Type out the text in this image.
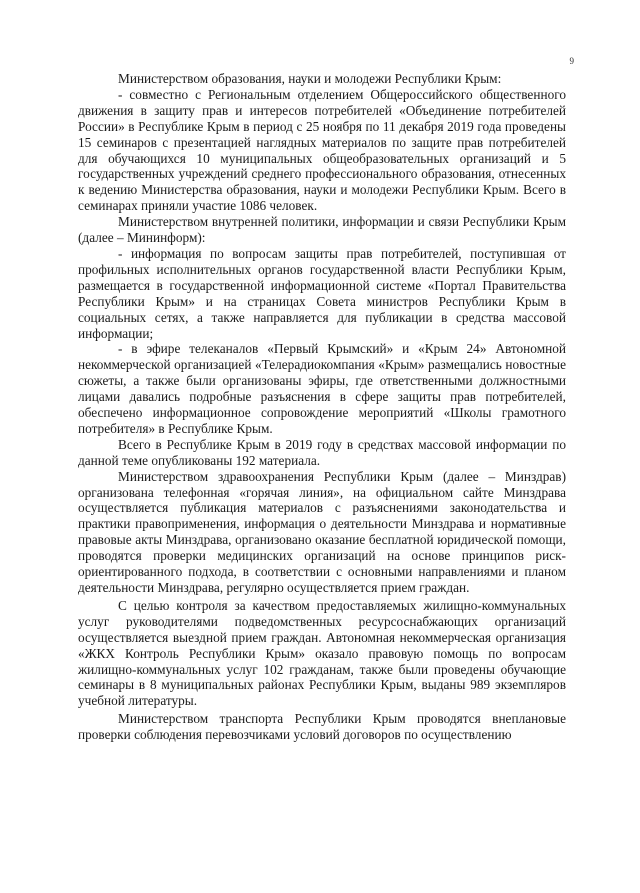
9

Министерством образования, науки и молодежи Республики Крым:

- совместно с Региональным отделением Общероссийского общественного движения в защиту прав и интересов потребителей «Объединение потребителей России» в Республике Крым в период с 25 ноября по 11 декабря 2019 года проведены 15 семинаров с презентацией наглядных материалов по защите прав потребителей для обучающихся 10 муниципальных общеобразовательных организаций и 5 государственных учреждений среднего профессионального образования, отнесенных к ведению Министерства образования, науки и молодежи Республики Крым. Всего в семинарах приняли участие 1086 человек.

Министерством внутренней политики, информации и связи Республики Крым (далее – Мининформ):

- информация по вопросам защиты прав потребителей, поступившая от профильных исполнительных органов государственной власти Республики Крым, размещается в государственной информационной системе «Портал Правительства Республики Крым» и на страницах Совета министров Республики Крым в социальных сетях, а также направляется для публикации в средства массовой информации;

- в эфире телеканалов «Первый Крымский» и «Крым 24» Автономной некоммерческой организацией «Телерадиокомпания «Крым» размещались новостные сюжеты, а также были организованы эфиры, где ответственными должностными лицами давались подробные разъяснения в сфере защиты прав потребителей, обеспечено информационное сопровождение мероприятий «Школы грамотного потребителя» в Республике Крым.

Всего в Республике Крым в 2019 году в средствах массовой информации по данной теме опубликованы 192 материала.

Министерством здравоохранения Республики Крым (далее – Минздрав) организована телефонная «горячая линия», на официальном сайте Минздрава осуществляется публикация материалов с разъяснениями законодательства и практики правоприменения, информация о деятельности Минздрава и нормативные правовые акты Минздрава, организовано оказание бесплатной юридической помощи, проводятся проверки медицинских организаций на основе принципов риск-ориентированного подхода, в соответствии с основными направлениями и планом деятельности Минздрава, регулярно осуществляется прием граждан.

С целью контроля за качеством предоставляемых жилищно-коммунальных услуг руководителями подведомственных ресурсоснабжающих организаций осуществляется выездной прием граждан. Автономная некоммерческая организация «ЖКХ Контроль Республики Крым» оказало правовую помощь по вопросам жилищно-коммунальных услуг 102 гражданам, также были проведены обучающие семинары в 8 муниципальных районах Республики Крым, выданы 989 экземпляров учебной литературы.

Министерством транспорта Республики Крым проводятся внеплановые проверки соблюдения перевозчиками условий договоров по осуществлению
